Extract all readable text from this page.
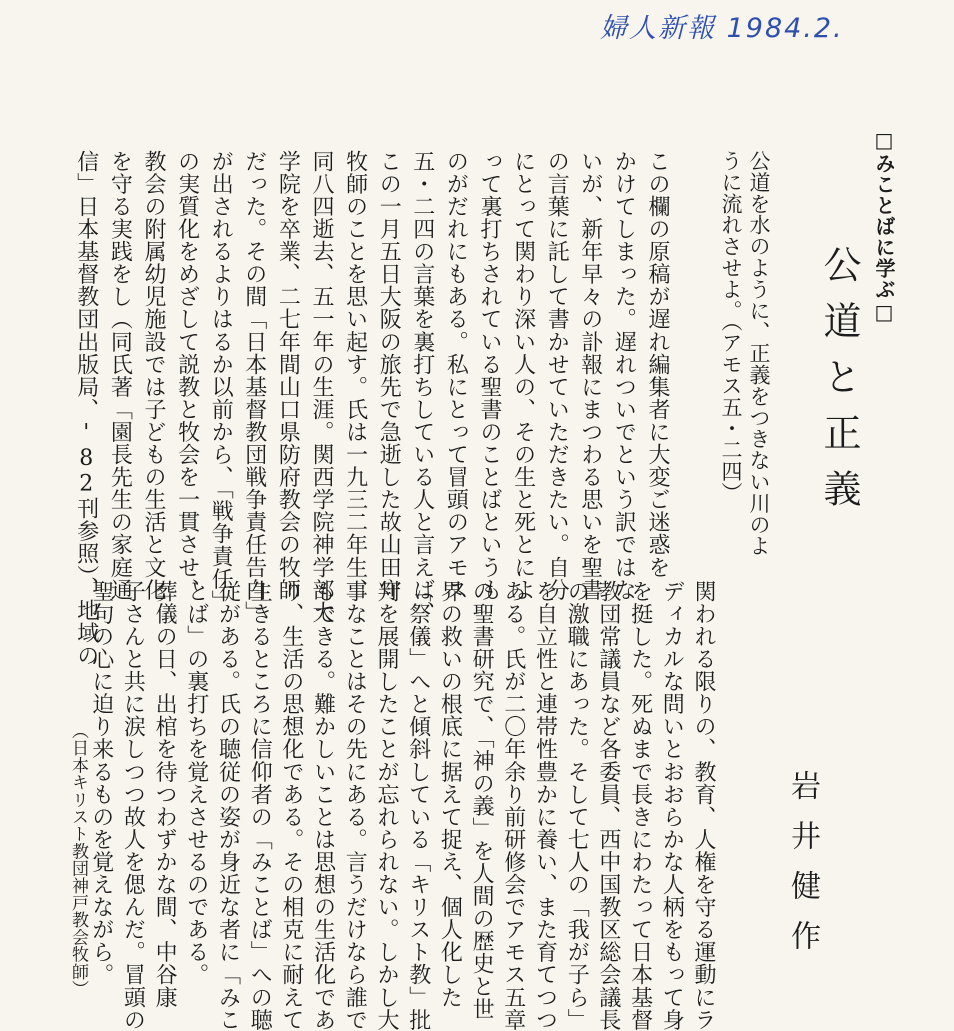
婦人新報 1984.2.
□みことばに学ぶ□
公道と正義
岩井健作
公道を水のように、正義をつきない川のよ
うに流れさせよ。（アモス五・二四）
この欄の原稿が遅れ編集者に大変ご迷惑を
かけてしまった。遅れついでという訳ではな
いが、新年早々の訃報にまつわる思いを聖書
の言葉に託して書かせていただきたい。自分
にとって関わり深い人の、その生と死とによ
って裏打ちされている聖書のことばというも
のがだれにもある。私にとって冒頭のアモス
五・二四の言葉を裏打ちしている人と言えば、
この一月五日大阪の旅先で急逝した故山田守
牧師のことを思い起す。氏は一九三二年生、
同八四逝去、五一年の生涯。関西学院神学部大
学院を卒業、二七年間山口県防府教会の牧師
だった。その間「日本基督教団戦争責任告白」
が出されるよりはるか以前から、「戦争責任」
の実質化をめざして説教と牧会を一貫させ、
教会の附属幼児施設では子どもの生活と文化
を守る実践をし（同氏著「園長先生の家庭通
信」日本基督教団出版局、'82刊参照）、地域の
関われる限りの、教育、人権を守る運動にラ
ディカルな問いとおおらかな人柄をもって身
を挺した。死ぬまで長きにわたって日本基督
教団常議員など各委員、西中国教区総会議長
の激職にあった。そして七人の「我が子ら」
を自立性と連帯性豊かに養い、また育てつつ
ある。氏が二〇年余り前研修会でアモス五章
の聖書研究で、「神の義」を人間の歴史と世
界の救いの根底に据えて捉え、個人化した
「祭儀」へと傾斜している「キリスト教」批
判を展開したことが忘れられない。しかし大
事なことはその先にある。言うだけなら誰で
もできる。難かしいことは思想の生活化であ
り、生活の思想化である。その相克に耐えて
生きるところに信仰者の「みことば」への聴
従がある。氏の聴従の姿が身近な者に「みこ
とば」の裏打ちを覚えさせるのである。
葬儀の日、出棺を待つわずかな間、中谷康
子さんと共に涙しつつ故人を偲んだ。冒頭の
聖句の心に迫り来るものを覚えながら。
（日本キリスト教団神戸教会牧師）
